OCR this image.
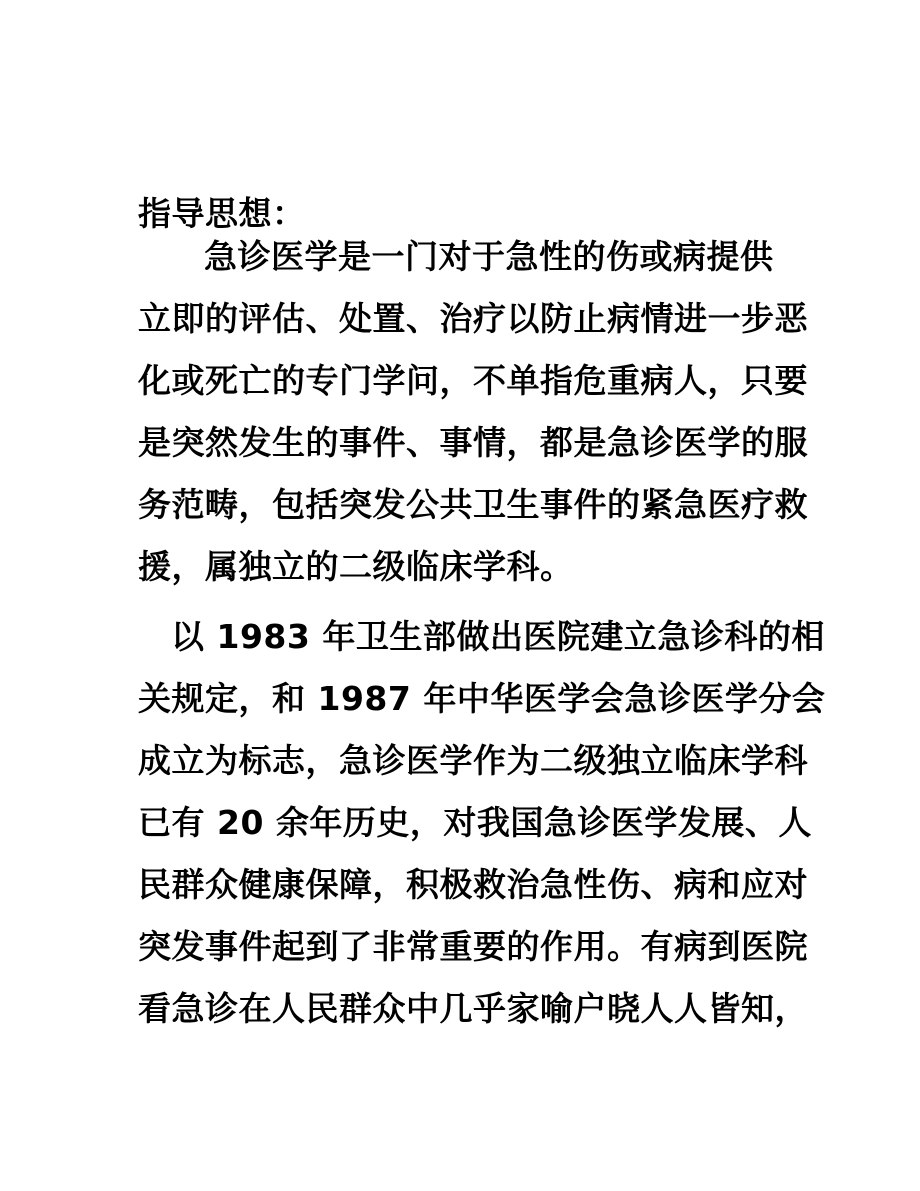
指导思想：
急诊医学是一门对于急性的伤或病提供
立即的评估、处置、治疗以防止病情进一步恶
化或死亡的专门学问，不单指危重病人，只要
是突然发生的事件、事情，都是急诊医学的服
务范畴，包括突发公共卫生事件的紧急医疗救
援，属独立的二级临床学科。
以 1983 年卫生部做出医院建立急诊科的相
关规定，和 1987 年中华医学会急诊医学分会
成立为标志，急诊医学作为二级独立临床学科
已有 20 余年历史，对我国急诊医学发展、人
民群众健康保障，积极救治急性伤、病和应对
突发事件起到了非常重要的作用。有病到医院
看急诊在人民群众中几乎家喻户晓人人皆知，
